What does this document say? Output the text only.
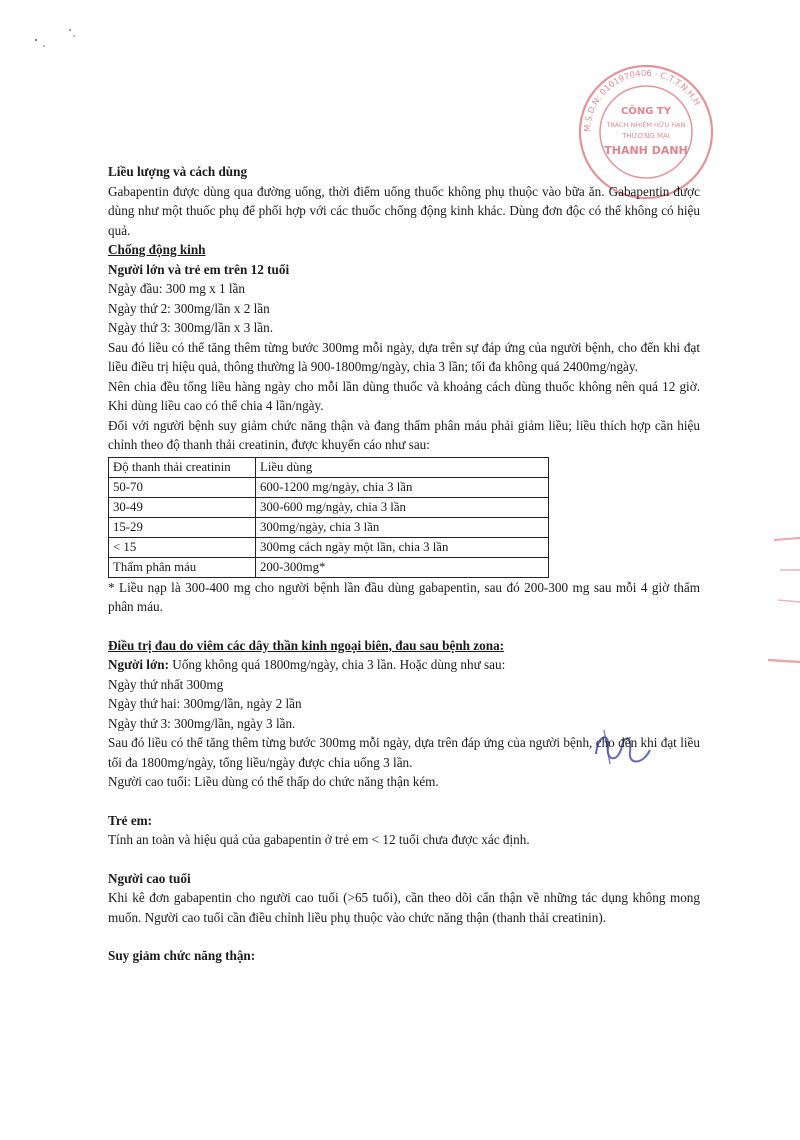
M.S.D.N: 0101970406 · C.T.T.N.H.H
CÔNG TY
TRÁCH NHIỆM HỮU HẠN
THƯƠNG MẠI
THANH DANH
Liều lượng và cách dùng
Gabapentin được dùng qua đường uống, thời điểm uống thuốc không phụ thuộc vào bữa ăn. Gabapentin được dùng như một thuốc phụ để phối hợp với các thuốc chống động kinh khác. Dùng đơn độc có thể không có hiệu quả.
Chống động kinh
Người lớn và trẻ em trên 12 tuổi
Ngày đầu: 300 mg x 1 lần
Ngày thứ 2: 300mg/lần x 2 lần
Ngày thứ 3: 300mg/lần x 3 lần.
Sau đó liều có thể tăng thêm từng bước 300mg mỗi ngày, dựa trên sự đáp ứng của người bệnh, cho đến khi đạt liều điều trị hiệu quả, thông thường là 900-1800mg/ngày, chia 3 lần; tối đa không quá 2400mg/ngày.
Nên chia đều tổng liều hàng ngày cho mỗi lần dùng thuốc và khoảng cách dùng thuốc không nên quá 12 giờ. Khi dùng liều cao có thể chia 4 lần/ngày.
Đối với người bệnh suy giảm chức năng thận và đang thẩm phân máu phải giảm liều; liều thích hợp cần hiệu chỉnh theo độ thanh thải creatinin, được khuyến cáo như sau:
Độ thanh thải creatinin	Liều dùng
50-70	600-1200 mg/ngày, chia 3 lần
30-49	300-600 mg/ngày, chia 3 lần
15-29	300mg/ngày, chia 3 lần
< 15	300mg cách ngày một lần, chia 3 lần
Thẩm phân máu	200-300mg*
* Liều nạp là 300-400 mg cho người bệnh lần đầu dùng gabapentin, sau đó 200-300 mg sau mỗi 4 giờ thẩm phân máu.
Điều trị đau do viêm các dây thần kinh ngoại biên, đau sau bệnh zona:
Người lớn: Uống không quá 1800mg/ngày, chia 3 lần. Hoặc dùng như sau:
Ngày thứ nhất 300mg
Ngày thứ hai: 300mg/lần, ngày 2 lần
Ngày thứ 3: 300mg/lần, ngày 3 lần.
Sau đó liều có thể tăng thêm từng bước 300mg mỗi ngày, dựa trên đáp ứng của người bệnh, cho đến khi đạt liều tối đa 1800mg/ngày, tổng liều/ngày được chia uống 3 lần.
Người cao tuổi: Liều dùng có thể thấp do chức năng thận kém.
Trẻ em:
Tính an toàn và hiệu quả của gabapentin ở trẻ em < 12 tuổi chưa được xác định.
Người cao tuổi
Khi kê đơn gabapentin cho người cao tuổi (>65 tuổi), cần theo dõi cẩn thận về những tác dụng không mong muốn. Người cao tuổi cần điều chỉnh liều phụ thuộc vào chức năng thận (thanh thải creatinin).
Suy giảm chức năng thận:
